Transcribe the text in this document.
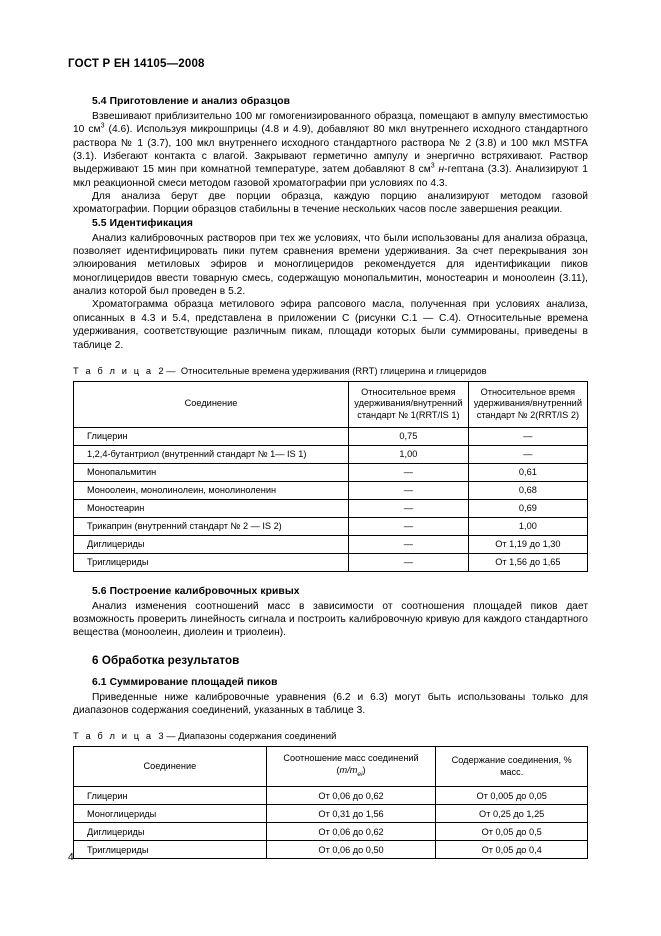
ГОСТ Р ЕН 14105—2008
5.4 Приготовление и анализ образцов

Взвешивают приблизительно 100 мг гомогенизированного образца, помещают в ампулу вместимостью 10 $см^3$ (4.6). Используя микрошприцы (4.8 и 4.9), добавляют 80 мкл внутреннего исходного стандартного раствора № 1 (3.7), 100 мкл внутреннего исходного стандартного раствора № 2 (3.8) и 100 мкл MSTFA (3.1). Избегают контакта с влагой. Закрывают герметично ампулу и энергично встряхивают. Раствор выдерживают 15 мин при комнатной температуре, затем добавляют 8 $см^3$ н-гептана (3.3). Анализируют 1 мкл реакционной смеси методом газовой хроматографии при условиях по 4.3.

Для анализа берут две порции образца, каждую порцию анализируют методом газовой хроматографии. Порции образцов стабильны в течение нескольких часов после завершения реакции.

5.5 Идентификация

Анализ калибровочных растворов при тех же условиях, что были использованы для анализа образца, позволяет идентифицировать пики путем сравнения времени удерживания. За счет перекрывания зон элюирования метиловых эфиров и моноглицеридов рекомендуется для идентификации пиков моноглицеридов ввести товарную смесь, содержащую монопальмитин, моностеарин и моноолеин (3.11), анализ которой был проведен в 5.2.

Хроматограмма образца метилового эфира рапсового масла, полученная при условиях анализа, описанных в 4.3 и 5.4, представлена в приложении C (рисунки C.1 — C.4). Относительные времена удерживания, соответствующие различным пикам, площади которых были суммированы, приведены в таблице 2.

Т а б л и ц а 2 — Относительные времена удерживания (RRT) глицерина и глицеридов
Соединение	Относительное время удерживания/внутренний стандарт № 1(RRT/IS 1)	Относительное время удерживания/внутренний стандарт № 2(RRT/IS 2)
Глицерин	0,75	—
1,2,4-бутантриол (внутренний стандарт № 1— IS 1)	1,00	—
Монопальмитин	—	0,61
Моноолеин, монолинолеин, монолиноленин	—	0,68
Моностеарин	—	0,69
Трикаприн (внутренний стандарт № 2 — IS 2)	—	1,00
Диглицериды	—	От 1,19 до 1,30
Триглицериды	—	От 1,56 до 1,65
5.6 Построение калибровочных кривых

Анализ изменения соотношений масс в зависимости от соотношения площадей пиков дает возможность проверить линейность сигнала и построить калибровочную кривую для каждого стандартного вещества (моноолеин, диолеин и триолеин).

6 Обработка результатов
6.1 Суммирование площадей пиков

Приведенные ниже калибровочные уравнения (6.2 и 6.3) могут быть использованы только для диапазонов содержания соединений, указанных в таблице 3.

Т а б л и ц а 3 — Диапазоны содержания соединений
Соединение	Соотношение масс соединений $(m/m_{ei})$	Содержание соединения, % масс.
Глицерин	От 0,06 до 0,62	От 0,005 до 0,05
Моноглицериды	От 0,31 до 1,56	От 0,25 до 1,25
Диглицериды	От 0,06 до 0,62	От 0,05 до 0,5
Триглицериды	От 0,06 до 0,50	От 0,05 до 0,4
4
